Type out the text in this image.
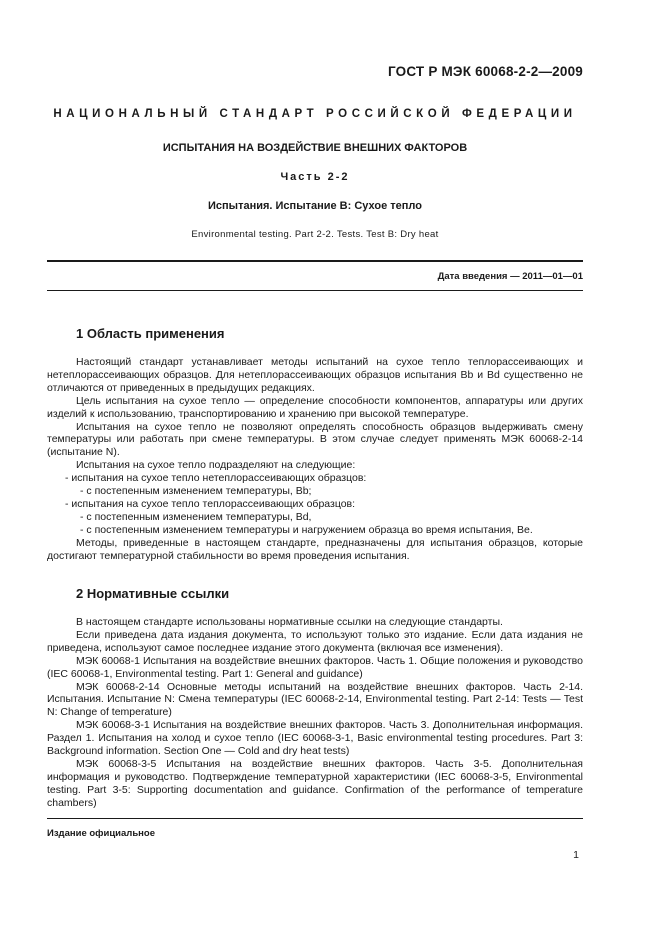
ГОСТ Р МЭК 60068-2-2—2009
НАЦИОНАЛЬНЫЙ СТАНДАРТ РОССИЙСКОЙ ФЕДЕРАЦИИ
ИСПЫТАНИЯ НА ВОЗДЕЙСТВИЕ ВНЕШНИХ ФАКТОРОВ
Часть 2-2
Испытания. Испытание В: Сухое тепло
Environmental testing. Part 2-2. Tests. Test B: Dry heat
Дата введения — 2011—01—01
1 Область применения

Настоящий стандарт устанавливает методы испытаний на сухое тепло теплорассеивающих и нетеплорассеивающих образцов. Для нетеплорассеивающих образцов испытания Bb и Bd существенно не отличаются от приведенных в предыдущих редакциях.

Цель испытания на сухое тепло — определение способности компонентов, аппаратуры или других изделий к использованию, транспортированию и хранению при высокой температуре.

Испытания на сухое тепло не позволяют определять способность образцов выдерживать смену температуры или работать при смене температуры. В этом случае следует применять МЭК 60068-2-14 (испытание N).

Испытания на сухое тепло подразделяют на следующие:

- испытания на сухое тепло нетеплорассеивающих образцов:

- с постепенным изменением температуры, Bb;

- испытания на сухое тепло теплорассеивающих образцов:

- с постепенным изменением температуры, Bd,

- с постепенным изменением температуры и нагружением образца во время испытания, Be.

Методы, приведенные в настоящем стандарте, предназначены для испытания образцов, которые достигают температурной стабильности во время проведения испытания.

2 Нормативные ссылки

В настоящем стандарте использованы нормативные ссылки на следующие стандарты.

Если приведена дата издания документа, то используют только это издание. Если дата издания не приведена, используют самое последнее издание этого документа (включая все изменения).

МЭК 60068-1 Испытания на воздействие внешних факторов. Часть 1. Общие положения и руководство (IEC 60068-1, Environmental testing. Part 1: General and guidance)

МЭК 60068-2-14 Основные методы испытаний на воздействие внешних факторов. Часть 2-14. Испытания. Испытание N: Смена температуры (IEC 60068-2-14, Environmental testing. Part 2-14: Tests — Test N: Change of temperature)

МЭК 60068-3-1 Испытания на воздействие внешних факторов. Часть 3. Дополнительная информация. Раздел 1. Испытания на холод и сухое тепло (IEC 60068-3-1, Basic environmental testing procedures. Part 3: Background information. Section One — Cold and dry heat tests)

МЭК 60068-3-5 Испытания на воздействие внешних факторов. Часть 3-5. Дополнительная информация и руководство. Подтверждение температурной характеристики (IEC 60068-3-5, Environmental testing. Part 3-5: Supporting documentation and guidance. Confirmation of the performance of temperature chambers)

Издание официальное
1
